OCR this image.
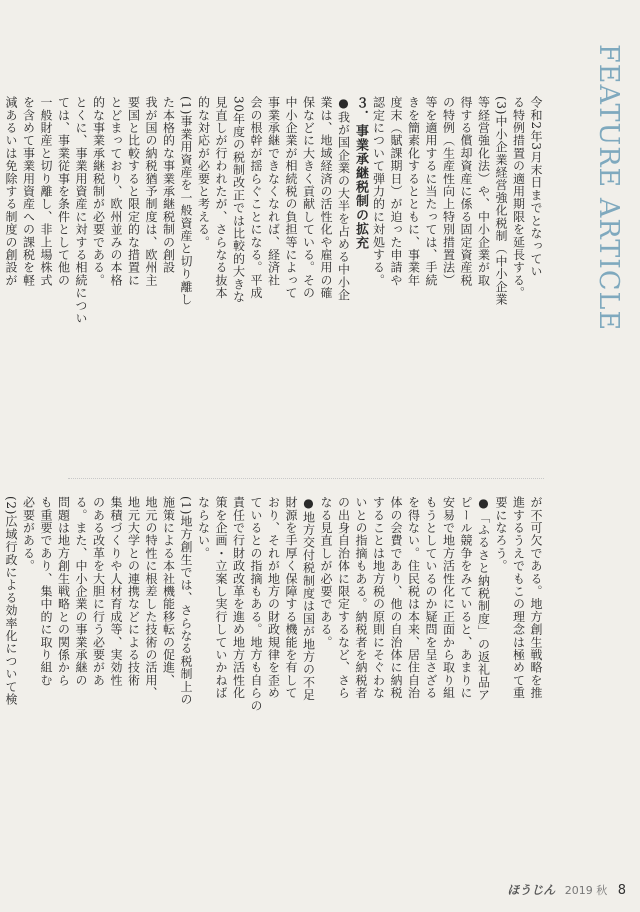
FEATURE ARTICLE

令和2年3月末日までとなってい

る特例措置の適用期限を延長する。

(3)中小企業経営強化税制（中小企業

等経営強化法）や、中小企業が取

得する償却資産に係る固定資産税

の特例（生産性向上特別措置法）

等を適用するに当たっては、手続

きを簡素化するとともに、事業年

度末（賦課期日）が迫った申請や

認定について弾力的に対処する。

３．事業承継税制の拡充

●我が国企業の大半を占める中小企

業は、地域経済の活性化や雇用の確

保などに大きく貢献している。その

中小企業が相続税の負担等によって

事業承継できなくなれば、経済社

会の根幹が揺らぐことになる。平成

30年度の税制改正では比較的大きな

見直しが行われたが、さらなる抜本

的な対応が必要と考える。

(1)事業用資産を一般資産と切り離し

た本格的な事業承継税制の創設

我が国の納税猶予制度は、欧州主

要国と比較すると限定的な措置に

とどまっており、欧州並みの本格

的な事業承継税制が必要である。

とくに、事業用資産に対する相続につい

ては、事業従事を条件として他の

一般財産と切り離し、非上場株式

を含めて事業用資産への課税を軽

減あるいは免除する制度の創設が

が不可欠である。地方創生戦略を推

進するうえでもこの理念は極めて重

要になろう。

●「ふるさと納税制度」の返礼品ア

ピール競争をみていると、あまりに

安易で地方活性化に正面から取り組

もうとしているのか疑問を呈さざる

を得ない。住民税は本来、居住自治

体の会費であり、他の自治体に納税

することは地方税の原則にそぐわな

いとの指摘もある。納税者を納税者

の出身自治体に限定するなど、さら

なる見直しが必要である。

●地方交付税制度は国が地方の不足

財源を手厚く保障する機能を有して

おり、それが地方の財政規律を歪め

ているとの指摘もある。地方も自らの

責任で行財政改革を進め地方活性化

策を企画・立案し実行していかねば

ならない。

(1)地方創生では、さらなる税制上の

施策による本社機能移転の促進、

地元の特性に根差した技術の活用、

地元大学との連携などによる技術

集積づくりや人材育成等、実効性

のある改革を大胆に行う必要があ

る。また、中小企業の事業承継の

問題は地方創生戦略との関係から

も重要であり、集中的に取り組む

必要がある。

(2)広域行政による効率化について検

ほうじん 2019 秋 8
